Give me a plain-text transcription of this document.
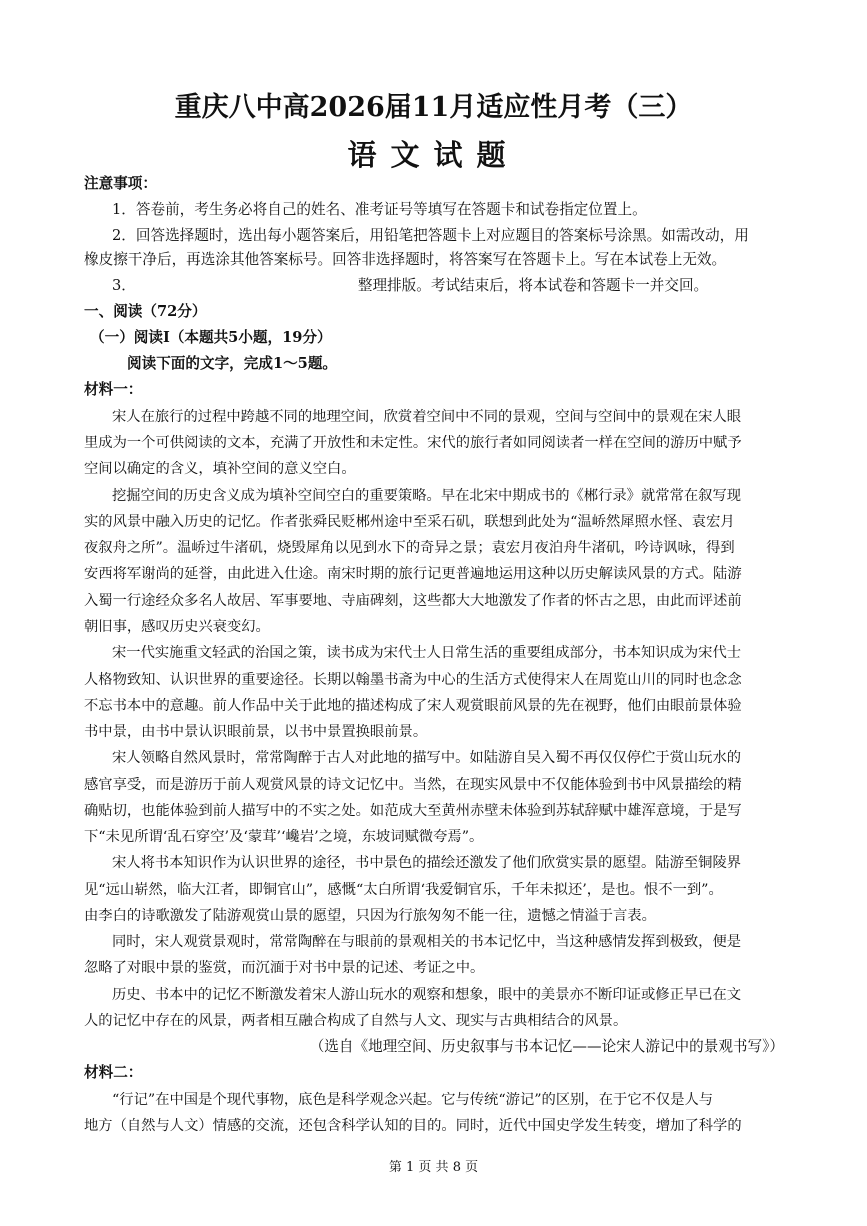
重庆八中高2026届11月适应性月考（三）
语文试题
注意事项：
1．答卷前，考生务必将自己的姓名、准考证号等填写在答题卡和试卷指定位置上。
2．回答选择题时，选出每小题答案后，用铅笔把答题卡上对应题目的答案标号涂黑。如需改动，用
橡皮擦干净后，再选涂其他答案标号。回答非选择题时，将答案写在答题卡上。写在本试卷上无效。
3．	整理排版。考试结束后，将本试卷和答题卡一并交回。
一、阅读（72分）
（一）阅读Ⅰ（本题共5小题，19分）
阅读下面的文字，完成1～5题。
材料一：
宋人在旅行的过程中跨越不同的地理空间，欣赏着空间中不同的景观，空间与空间中的景观在宋人眼
里成为一个可供阅读的文本，充满了开放性和未定性。宋代的旅行者如同阅读者一样在空间的游历中赋予
空间以确定的含义，填补空间的意义空白。
挖掘空间的历史含义成为填补空间空白的重要策略。早在北宋中期成书的《郴行录》就常常在叙写现
实的风景中融入历史的记忆。作者张舜民贬郴州途中至采石矶，联想到此处为“温峤然犀照水怪、袁宏月
夜叙舟之所”。温峤过牛渚矶，烧毁犀角以见到水下的奇异之景；袁宏月夜泊舟牛渚矶，吟诗讽咏，得到
安西将军谢尚的延誉，由此进入仕途。南宋时期的旅行记更普遍地运用这种以历史解读风景的方式。陆游
入蜀一行途经众多名人故居、军事要地、寺庙碑刻，这些都大大地激发了作者的怀古之思，由此而评述前
朝旧事，感叹历史兴衰变幻。
宋一代实施重文轻武的治国之策，读书成为宋代士人日常生活的重要组成部分，书本知识成为宋代士
人格物致知、认识世界的重要途径。长期以翰墨书斋为中心的生活方式使得宋人在周览山川的同时也念念
不忘书本中的意趣。前人作品中关于此地的描述构成了宋人观赏眼前风景的先在视野，他们由眼前景体验
书中景，由书中景认识眼前景，以书中景置换眼前景。
宋人领略自然风景时，常常陶醉于古人对此地的描写中。如陆游自吴入蜀不再仅仅停伫于赏山玩水的
感官享受，而是游历于前人观赏风景的诗文记忆中。当然，在现实风景中不仅能体验到书中风景描绘的精
确贴切，也能体验到前人描写中的不实之处。如范成大至黄州赤壁未体验到苏轼辞赋中雄浑意境，于是写
下“未见所谓‘乱石穿空’及‘蒙茸’‘巉岩’之境，东坡词赋微夸焉”。
宋人将书本知识作为认识世界的途径，书中景色的描绘还激发了他们欣赏实景的愿望。陆游至铜陵界
见“远山崭然，临大江者，即铜官山”，感慨“太白所谓‘我爱铜官乐，千年未拟还’，是也。恨不一到”。
由李白的诗歌激发了陆游观赏山景的愿望，只因为行旅匆匆不能一往，遗憾之情溢于言表。
同时，宋人观赏景观时，常常陶醉在与眼前的景观相关的书本记忆中，当这种感情发挥到极致，便是
忽略了对眼中景的鉴赏，而沉湎于对书中景的记述、考证之中。
历史、书本中的记忆不断激发着宋人游山玩水的观察和想象，眼中的美景亦不断印证或修正早已在文
人的记忆中存在的风景，两者相互融合构成了自然与人文、现实与古典相结合的风景。
（选自《地理空间、历史叙事与书本记忆——论宋人游记中的景观书写》）
材料二：
“行记”在中国是个现代事物，底色是科学观念兴起。它与传统“游记”的区别，在于它不仅是人与
地方（自然与人文）情感的交流，还包含科学认知的目的。同时，近代中国史学发生转变，增加了科学的
第 1 页 共 8 页
